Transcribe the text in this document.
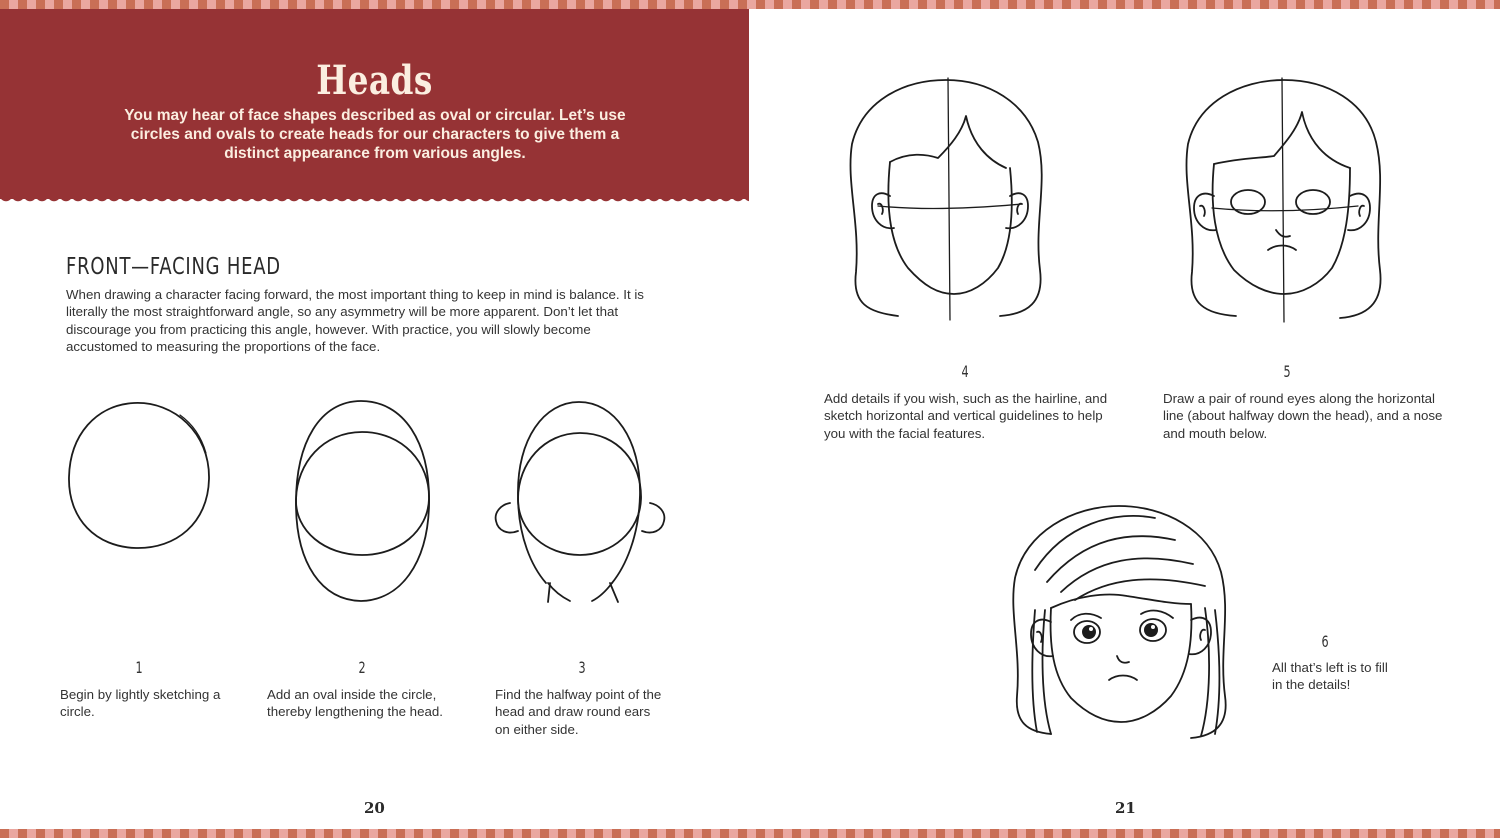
Heads

You may hear of face shapes described as oval or circular. Let’s use circles and ovals to create heads for our characters to give them a distinct appearance from various angles.

FRONT—FACING HEAD

When drawing a character facing forward, the most important thing to keep in mind is balance. It is literally the most straightforward angle, so any asymmetry will be more apparent. Don’t let that discourage you from practicing this angle, however. With practice, you will slowly become accustomed to measuring the proportions of the face.

1	2	3

Begin by lightly sketching a circle.

Add an oval inside the circle, thereby lengthening the head.

Find the halfway point of the head and draw round ears on either side.

20
4	5

Add details if you wish, such as the hairline, and sketch horizontal and vertical guidelines to help you with the facial features.

Draw a pair of round eyes along the horizontal line (about halfway down the head), and a nose and mouth below.

6

All that’s left is to fill in the details!

21
